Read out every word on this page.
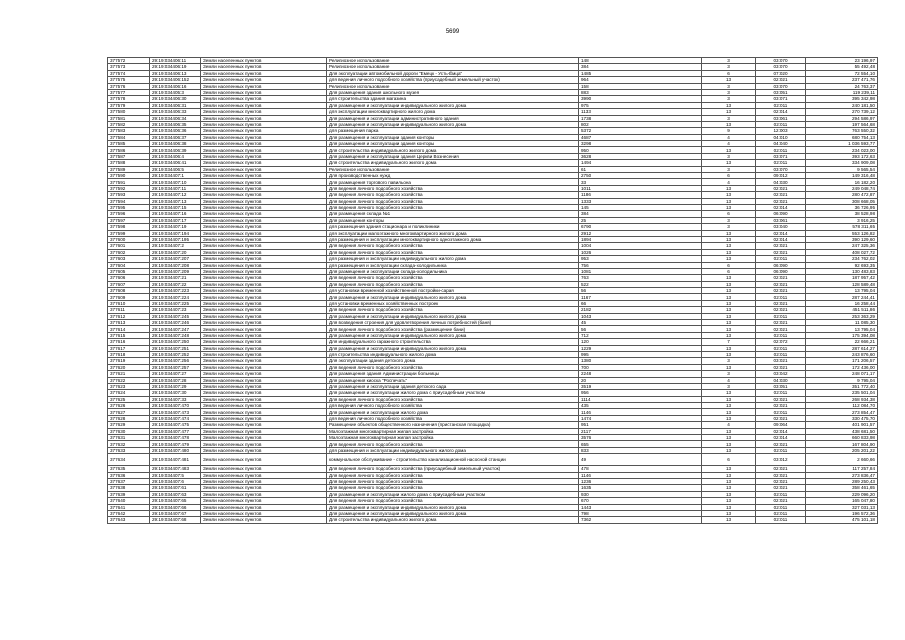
5699
377572	29:19:034406:11	Земли населенных пунктов	Религиозное использование	148	3	03:070	23 196,97
377573	29:19:034406:19	Земли населенных пунктов	Религиозное использование	384	3	03:070	55 492,48
377574	29:19:034406:13	Земли населенных пунктов	Для эксплуатации автомобильной дороги "Емецк - Усть-Ёмца"	1485	6	07:020	72 554,10
377575	29:19:034406:152	Земли населенных пунктов	для ведения личного подсобного хозяйства (приусадебный земельный участок)	964	13	02:021	237 471,76
377576	29:19:034406:16	Земли населенных пунктов	Религиозное использование	158	3	03:070	24 763,37
377577	29:19:034405:3	Земли населенных пунктов	Для размещения здания школьного музея	883	3	03:051	119 239,11
377578	29:19:034406:30	Земли населенных пунктов	для строительства здания магазина	3990	3	03:071	395 342,98
377579	29:19:034406:31	Земли населенных пунктов	Для размещения и эксплуатации индивидуального жилого дома	975	13	02:011	240 181,50
377580	29:19:034406:33	Земли населенных пунктов	для эксплуатации многоквартирного жилого дома	1133	13	02:014	270 739,12
377581	29:19:034406:34	Земли населенных пунктов	Для размещения и эксплуатации административного здания	1738	3	03:061	294 586,97
377582	29:19:034406:35	Земли населенных пунктов	Для размещения и эксплуатации индивидуального жилого дома	802	13	02:011	197 564,68
377583	29:19:034406:36	Земли населенных пунктов	для размещения парка	5372	9	12:003	763 550,32
377584	29:19:034406:37	Земли населенных пунктов	Для размещения и эксплуатации здания конторы	4687	4	04:010	680 754,13
377585	29:19:034406:38	Земли населенных пунктов	Для размещения и эксплуатации здания конторы	3298	4	04:040	1 036 593,77
377586	29:19:034406:39	Земли населенных пунктов	Для строительства индивидуального жилого дома	950	13	02:011	234 023,00
377587	29:19:034406:4	Земли населенных пунктов	Для размещения и эксплуатации здания Церкви Вознесения	3628	3	03:071	393 172,63
377588	29:19:034406:41	Земли населенных пунктов	Для строительства индивидуального жилого дома	1494	13	02:011	334 909,08
377589	29:19:034406:5	Земли населенных пунктов	Религиозное использование	61	3	03:070	9 565,54
377590	29:19:034407:1	Земли населенных пунктов	Для производственных нужд	2750	6	09:012	149 316,48
377591	29:19:034407:10	Земли населенных пунктов	Для размещения торгового павильона	33	4	04:030	16 182,20
377592	29:19:034407:11	Земли населенных пунктов	Для ведения личного подсобного хозяйства	1011	13	02:021	249 048,74
377593	29:19:034407:12	Земли населенных пунктов	Для ведения личного подсобного хозяйства	1186	13	02:021	280 472,87
377594	29:19:034407:13	Земли населенных пунктов	Для ведения личного подсобного хозяйства	1333	13	02:021	308 668,05
377595	29:19:034407:15	Земли населенных пунктов	Для ведения личного подсобного хозяйства	145	13	02:014	36 726,95
377596	29:19:034407:16	Земли населенных пунктов	Для размещения склада №1	384	6	06:090	38 528,98
377597	29:19:034407:17	Земли населенных пунктов	Для размещения конторы	25	3	03:061	3 916,25
377598	29:19:034407:19	Земли населенных пунктов	для размещения здания стационара и поликлиники	6790	3	03:040	578 311,65
377599	29:19:034407:194	Земли населенных пунктов	для эксплуатации малоэтажного многоквартирного жилого дома	2912	13	02:014	553 126,82
377600	29:19:034407:195	Земли населенных пунктов	для размещения и эксплуатации многоквартирного одноэтажного дома	1894	13	02:014	390 129,60
377601	29:19:034407:2	Земли населенных пунктов	Для ведения личного подсобного хозяйства	1004	13	02:021	247 325,36
377602	29:19:034407:20	Земли населенных пунктов	Для ведения личного подсобного хозяйства	1026	13	02:021	408 027,72
377603	29:19:034407:207	Земли населенных пунктов	для размещения и эксплуатации индивидуального жилого дома	953	13	02:011	234 762,02
377604	29:19:034407:208	Земли населенных пунктов	для размещения и эксплуатации склада-холодильника	756	6	06:090	92 693,35
377605	29:19:034407:209	Земли населенных пунктов	Для размещения и эксплуатации склада-холодильника	1081	6	06:090	130 483,83
377606	29:19:034407:21	Земли населенных пунктов	Для ведения личного подсобного хозяйства	763	13	02:021	187 957,42
377607	29:19:034407:22	Земли населенных пунктов	Для ведения личного подсобного хозяйства	522	13	02:021	128 589,48
377608	29:19:034407:223	Земли населенных пунктов	для установки временной хозяйственной постройки-сарая	56	13	02:021	13 795,04
377609	29:19:034407:224	Земли населенных пунктов	Для размещения и эксплуатации индивидуального жилого дома	1167	13	02:011	287 244,41
377610	29:19:034407:225	Земли населенных пунктов	для установки временных хозяйственных построек	66	13	02:021	16 258,44
377611	29:19:034407:23	Земли населенных пунктов	Для ведения личного подсобного хозяйства	2182	13	02:021	451 511,86
377612	29:19:034407:245	Земли населенных пунктов	Для размещения и эксплуатации индивидуального жилого дома	1043	13	02:011	253 363,29
377613	29:19:034407:246	Земли населенных пунктов	Для возведения строения для удовлетворения личных потребностей (баня)	45	13	02:021	11 085,30
377614	29:19:034407:247	Земли населенных пунктов	Для ведения личного подсобного хозяйства (размещение бани)	56	13	02:021	13 795,04
377615	29:19:034407:248	Земли населенных пунктов	Для размещения и эксплуатации индивидуального жилого дома	712	13	02:011	175 394,08
377616	29:19:034407:250	Земли населенных пунктов	Для индивидуального гаражного строительства	120	7	02:072	22 666,21
377617	29:19:034407:251	Земли населенных пунктов	Для размещения и эксплуатации индивидуального жилого дома	1229	13	02:011	287 614,27
377618	29:19:034407:252	Земли населенных пунктов	для строительства индивидуального жилого дома	995	13	02:011	243 876,60
377619	29:19:034407:256	Земли населенных пунктов	Для эксплуатации здания детского дома	1380	3	03:021	171 206,57
377620	29:19:034407:257	Земли населенных пунктов	Для ведения личного подсобного хозяйства	700	13	02:021	172 436,00
377621	29:19:034407:27	Земли населенных пунктов	Для размещения здания Администрации больницы	2248	3	03:042	248 071,17
377622	29:19:034407:28	Земли населенных пунктов	Для размещения киоска "Роспечать"	20	4	04:030	9 795,04
377623	29:19:034407:29	Земли населенных пунктов	Для размещения и эксплуатации здания детского сада	3519	3	03:051	351 772,40
377624	29:19:034407:30	Земли населенных пунктов	Для размещения и эксплуатации жилого дома с приусадебным участком	956	13	02:011	235 501,04
377625	29:19:034407:33	Земли населенных пунктов	Для ведения личного подсобного хозяйства	1114	13	02:021	268 934,38
377626	29:19:034407:470	Земли населенных пунктов	для ведения личного подсобного хозяйства	435	13	02:021	112 084,70
377627	29:19:034407:473	Земли населенных пунктов	Для размещения и эксплуатации жилого дома	1146	13	02:011	273 854,47
377628	29:19:034407:474	Земли населенных пунктов	для ведения личного подсобного хозяйства	1474	13	02:021	330 475,70
377629	29:19:034407:475	Земли населенных пунктов	Размещение объектов общественного назначения (пристанская площадка)	951	4	09:064	401 901,57
377630	29:19:034407:477	Земли населенных пунктов	Малоэтажная многоквартирная жилая застройка	2117	13	02:014	438 681,50
377631	29:19:034407:478	Земли населенных пунктов	Малоэтажная многоквартирная жилая застройка	3576	13	02:014	660 833,98
377632	29:19:034407:479	Земли населенных пунктов	Для ведения личного подсобного хозяйства	655	13	02:021	167 804,90
377633	29:19:034407:480	Земли населенных пунктов	для размещения и эксплуатации индивидуального жилого дома	833	13	02:011	205 201,22
377634	29:19:034407:481	Земли населенных пунктов	коммунальное обслуживание - строительство канализационной насосной станции	49	6	03:012	2 660,66
377635	29:19:034407:483	Земли населенных пунктов	Для ведения личного подсобного хозяйства (приусадебный земельный участок)	478	13	02:021	117 257,84
377636	29:19:034407:5	Земли населенных пунктов	Для ведения личного подсобного хозяйства	1146	13	02:021	273 836,47
377637	29:19:034407:6	Земли населенных пунктов	Для ведения личного подсобного хозяйства	1236	13	02:021	289 250,43
377638	29:19:034407:61	Земли населенных пунктов	Для ведения личного подсобного хозяйства	1635	13	02:021	358 461,65
377639	29:19:034407:63	Земли населенных пунктов	Для размещения и эксплуатации жилого дома с приусадебным участком	930	13	02:011	229 096,20
377640	29:19:034407:65	Земли населенных пунктов	Для ведения личного подсобного хозяйства	670	13	02:021	165 047,80
377641	29:19:034407:66	Земли населенных пунктов	Для размещения и эксплуатации индивидуального жилого дома	1443	13	02:011	327 031,13
377642	29:19:034407:67	Земли населенных пунктов	Для размещения и эксплуатации индивидуального жилого дома	798	13	02:011	196 572,36
377643	29:19:034407:68	Земли населенных пунктов	Для строительства индивидуального жилого дома	7362	13	02:011	475 101,18
